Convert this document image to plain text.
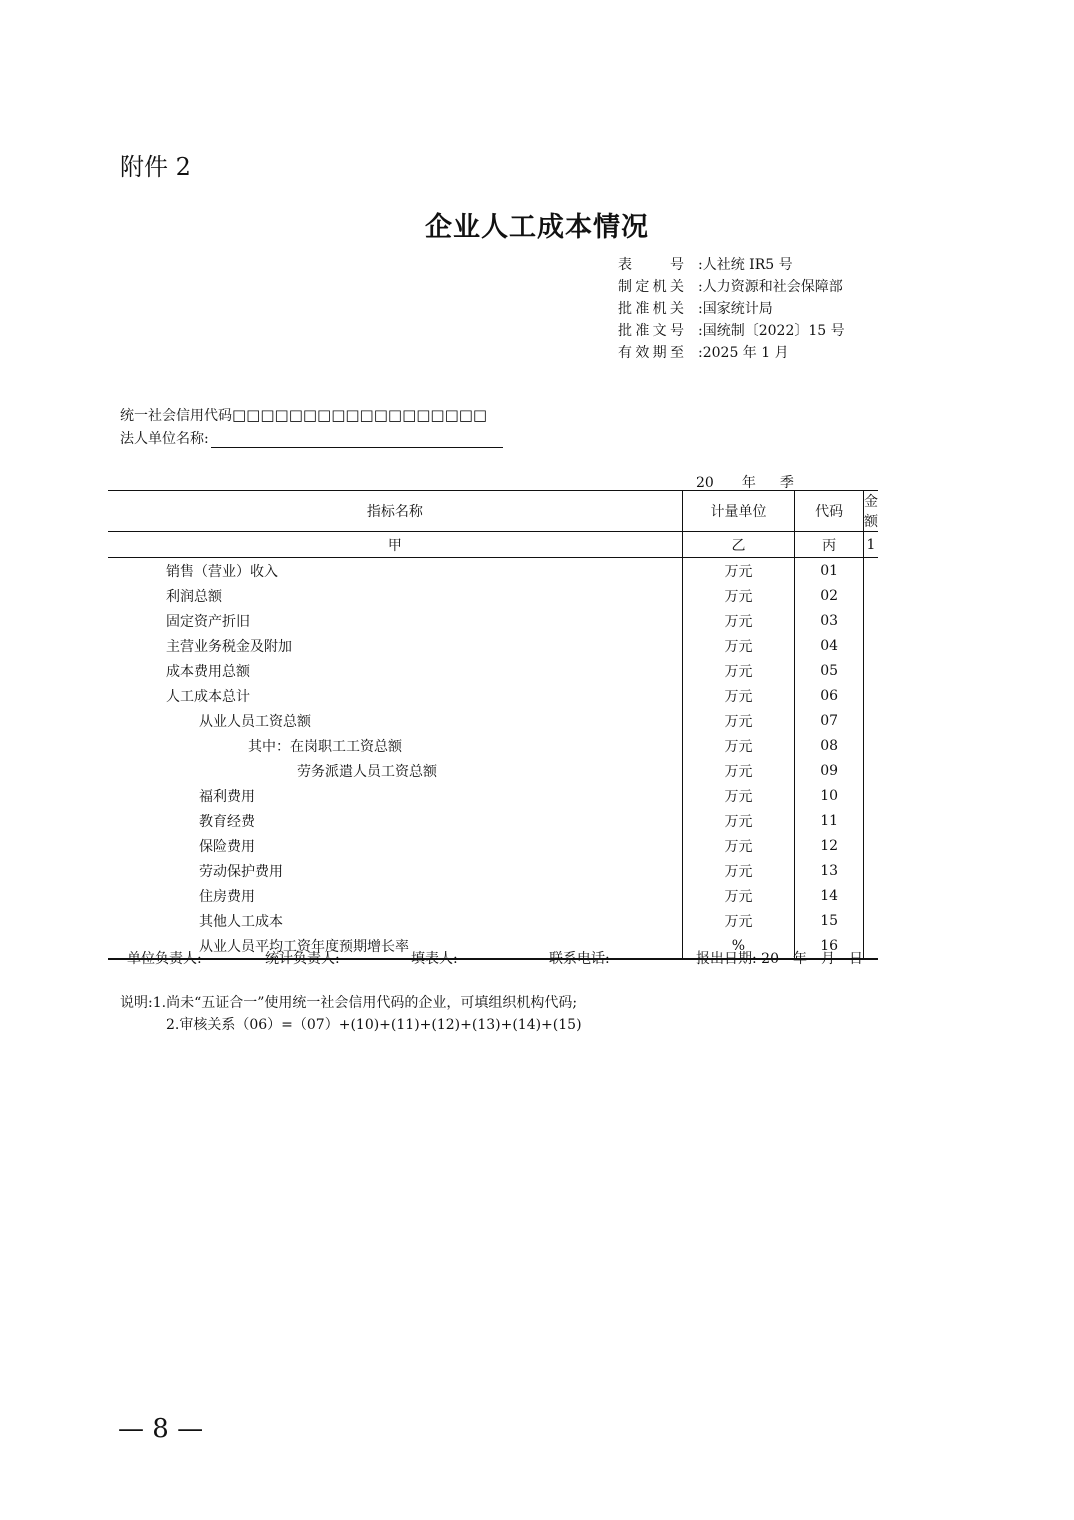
附件 2
企业人工成本情况
表 号 :人社统 IR5 号
制定机关 :人力资源和社会保障部
批准机关 :国家统计局
批准文号 :国统制〔2022〕15 号
有效期至 :2025 年 1 月
统一社会信用代码□□□□□□□□□□□□□□□□□□
法人单位名称:
20 年 季
指标名称	计量单位	代码	金额
甲	乙	丙	1
销售（营业）收入	万元	01	
利润总额	万元	02	
固定资产折旧	万元	03	
主营业务税金及附加	万元	04	
成本费用总额	万元	05	
人工成本总计	万元	06	
从业人员工资总额	万元	07	
其中：在岗职工工资总额	万元	08	
劳务派遣人员工资总额	万元	09	
福利费用	万元	10	
教育经费	万元	11	
保险费用	万元	12	
劳动保护费用	万元	13	
住房费用	万元	14	
其他人工成本	万元	15	
从业人员平均工资年度预期增长率	%	16	
单位负责人:	统计负责人:	填表人:	联系电话:	报出日期: 20　年　月　日
说明:1.尚未“五证合一”使用统一社会信用代码的企业，可填组织机构代码;
2.审核关系（06）=（07）+(10)+(11)+(12)+(13)+(14)+(15)
— 8 —
